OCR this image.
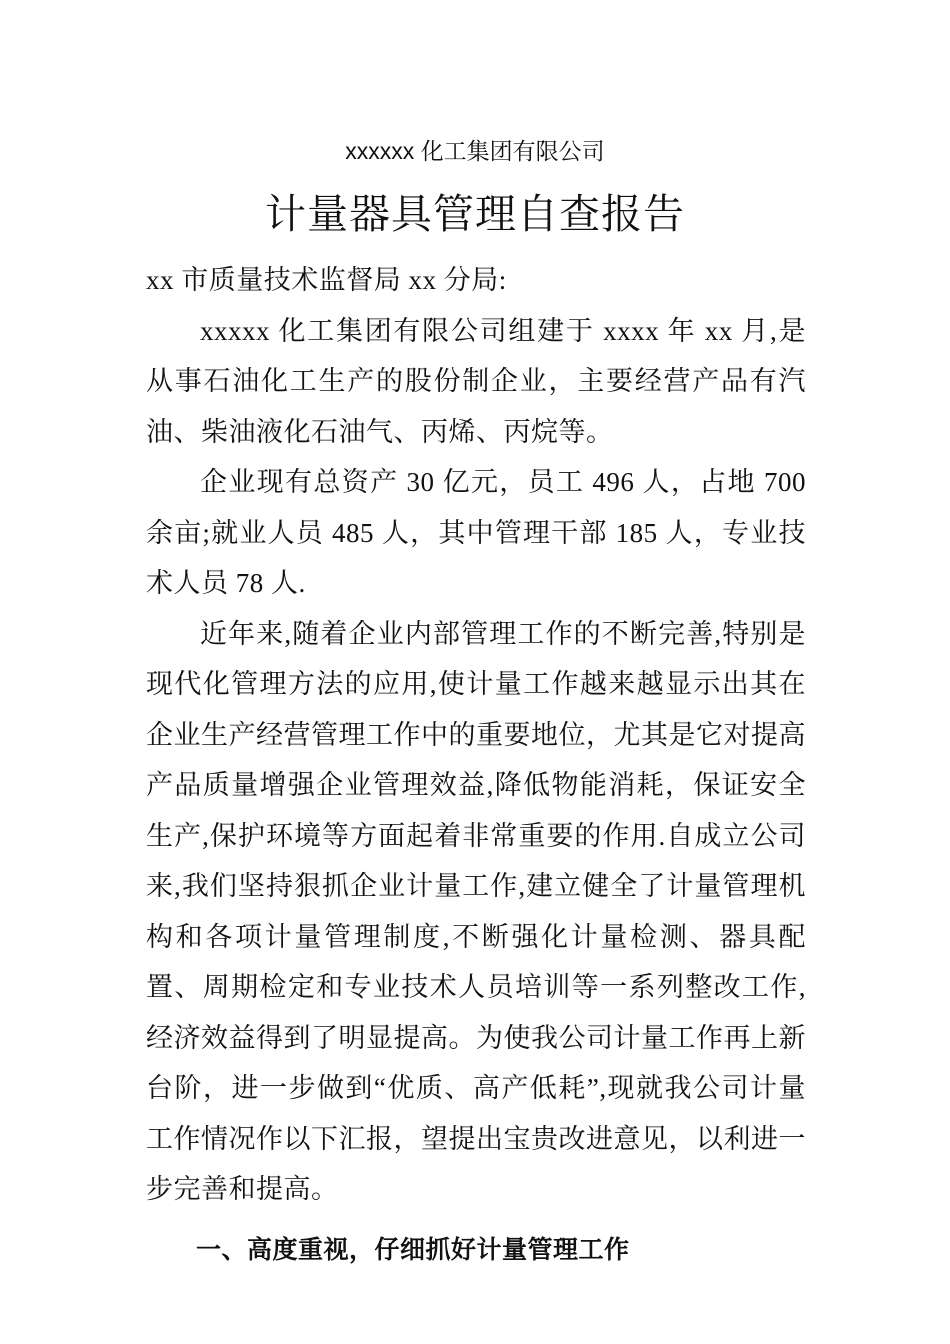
xxxxxx 化工集团有限公司
计量器具管理自查报告

xx 市质量技术监督局 xx 分局:

xxxxx 化工集团有限公司组建于 xxxx 年 xx 月,是从事石油化工生产的股份制企业，主要经营产品有汽油、柴油液化石油气、丙烯、丙烷等。

企业现有总资产 30 亿元，员工 496 人，占地 700 余亩;就业人员 485 人，其中管理干部 185 人，专业技术人员 78 人.

近年来,随着企业内部管理工作的不断完善,特别是现代化管理方法的应用,使计量工作越来越显示出其在企业生产经营管理工作中的重要地位，尤其是它对提高产品质量增强企业管理效益,降低物能消耗，保证安全生产,保护环境等方面起着非常重要的作用.自成立公司来,我们坚持狠抓企业计量工作,建立健全了计量管理机构和各项计量管理制度,不断强化计量检测、器具配置、周期检定和专业技术人员培训等一系列整改工作,经济效益得到了明显提高。为使我公司计量工作再上新台阶，进一步做到“优质、高产低耗”,现就我公司计量工作情况作以下汇报，望提出宝贵改进意见，以利进一步完善和提高。

一、高度重视，仔细抓好计量管理工作
